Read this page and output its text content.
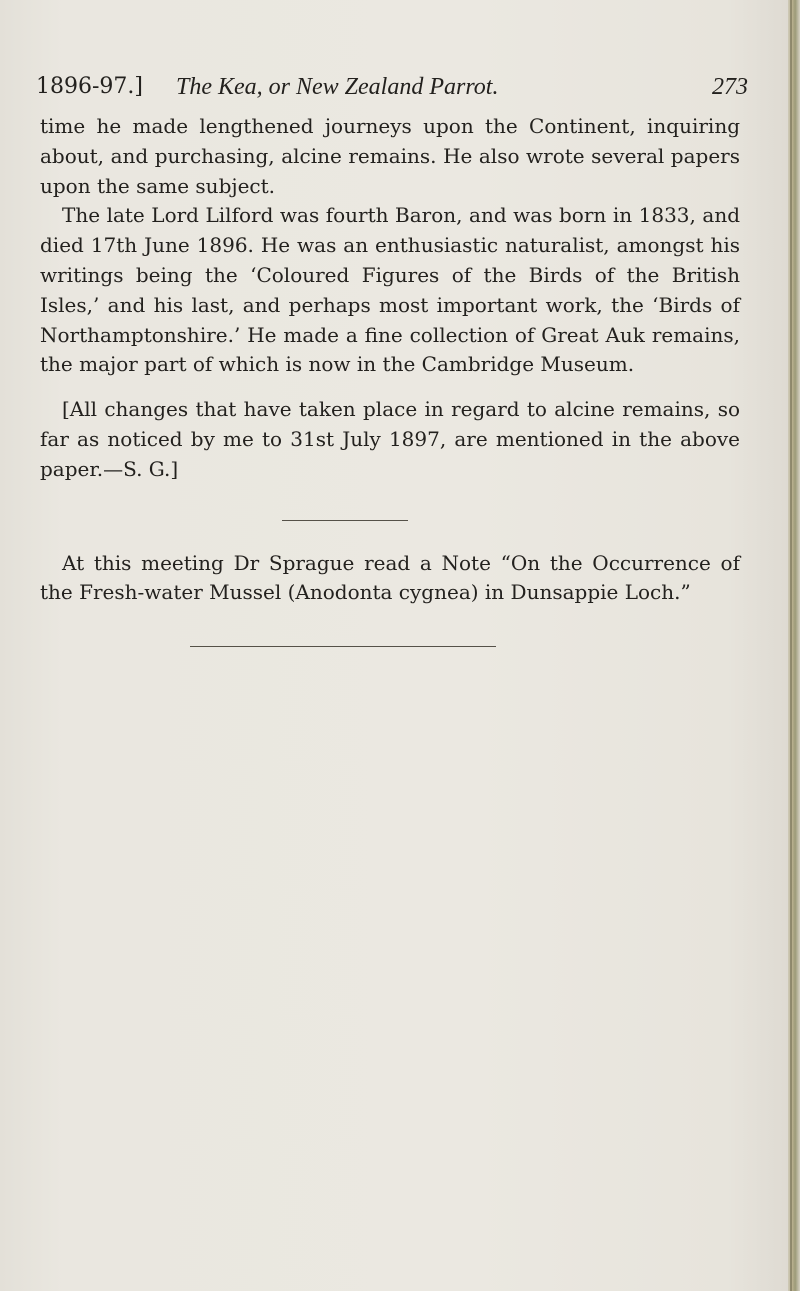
1896-97.] The Kea, or New Zealand Parrot.	273

time he made lengthened journeys upon the Continent, inquiring about, and purchasing, alcine remains. He also wrote several papers upon the same subject.

The late Lord Lilford was fourth Baron, and was born in 1833, and died 17th June 1896. He was an enthusiastic naturalist, amongst his writings being the ‘Coloured Figures of the Birds of the British Isles,’ and his last, and perhaps most important work, the ‘Birds of Northamptonshire.’ He made a fine collection of Great Auk remains, the major part of which is now in the Cambridge Museum.

[All changes that have taken place in regard to alcine remains, so far as noticed by me to 31st July 1897, are mentioned in the above paper.—S. G.]

At this meeting Dr Sprague read a Note “On the Occurrence of the Fresh-water Mussel (Anodonta cygnea) in Dunsappie Loch.”
